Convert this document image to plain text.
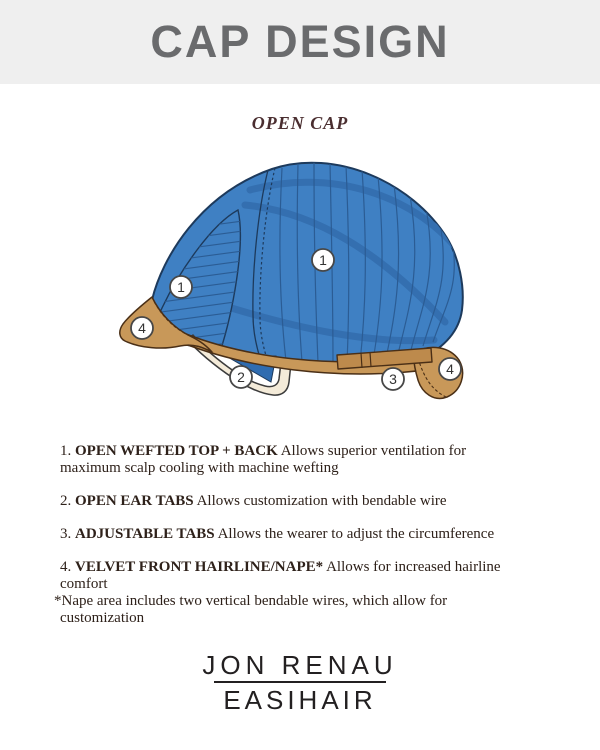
CAP DESIGN
OPEN CAP
1
1
2	3
4
4
1. OPEN WEFTED TOP + BACK Allows superior ventilation for maximum scalp cooling with machine wefting
2. OPEN EAR TABS Allows customization with bendable wire
3. ADJUSTABLE TABS Allows the wearer to adjust the circumference
4. VELVET FRONT HAIRLINE/NAPE* Allows for increased hairline comfort
*Nape area includes two vertical bendable wires, which allow for customization
JON RENAU
EASIHAIR
